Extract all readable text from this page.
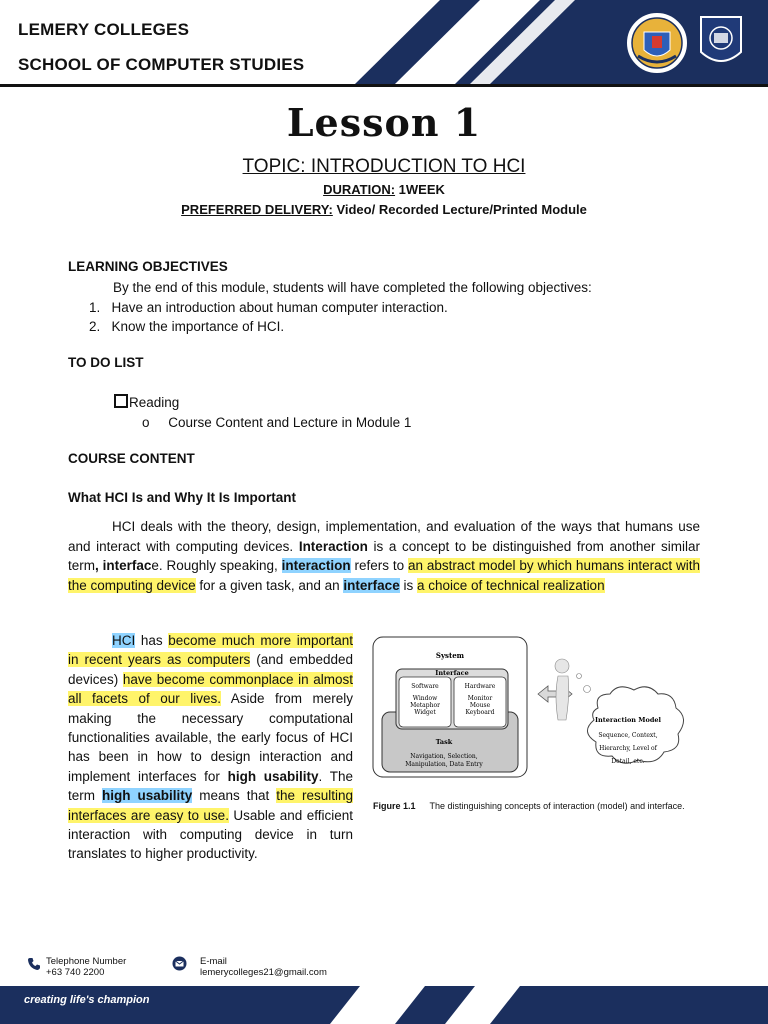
LEMERY COLLEGES
SCHOOL OF COMPUTER STUDIES
Lesson 1
TOPIC: INTRODUCTION TO HCI
DURATION: 1WEEK
PREFERRED DELIVERY: Video/ Recorded Lecture/Printed Module
LEARNING OBJECTIVES
By the end of this module, students will have completed the following objectives:
1. Have an introduction about human computer interaction.
2. Know the importance of HCI.
TO DO LIST
Reading
o Course Content and Lecture in Module 1
COURSE CONTENT
What HCI Is and Why It Is Important
HCI deals with the theory, design, implementation, and evaluation of the ways that humans use and interact with computing devices. Interaction is a concept to be distinguished from another similar term, interface. Roughly speaking, interaction refers to an abstract model by which humans interact with the computing device for a given task, and an interface is a choice of technical realization
HCI has become much more important in recent years as computers (and embedded devices) have become commonplace in almost all facets of our lives. Aside from merely making the necessary computational functionalities available, the early focus of HCI has been in how to design interaction and implement interfaces for high usability. The term high usability means that the resulting interfaces are easy to use. Usable and efficient interaction with computing device in turn translates to higher productivity.
System
Interface
Software
Window
Metaphor
Widget
Hardware
Monitor
Mouse
Keyboard
Task
Navigation, Selection,
Manipulation, Data Entry
Interaction Model
Sequence, Context,
Hierarchy, Level of
Detail, etc.
Figure 1.1 The distinguishing concepts of interaction (model) and interface.
Telephone Number
+63 740 2200
E-mail
lemerycolleges21@gmail.com
creating life's champion
